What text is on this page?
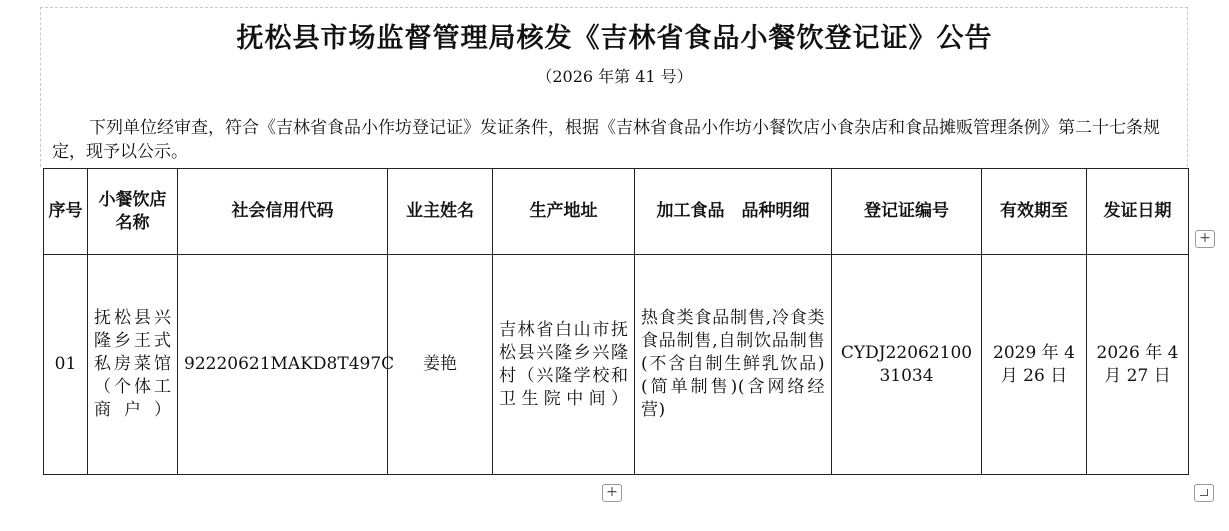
抚松县市场监督管理局核发《吉林省食品小餐饮登记证》公告
（2026 年第 41 号）
下列单位经审查，符合《吉林省食品小作坊登记证》发证条件，根据《吉林省食品小作坊小餐饮店小食杂店和食品摊贩管理条例》第二十七条规定，现予以公示。
序号	小餐饮店名称	社会信用代码	业主姓名	生产地址	加工食品　品种明细	登记证编号	有效期至	发证日期
01	抚松县兴隆乡王式私房菜馆（个体工商户）	92220621MAKD8T497C	姜艳	吉林省白山市抚松县兴隆乡兴隆村（兴隆学校和卫生院中间）	热食类食品制售,冷食类食品制售,自制饮品制售(不含自制生鲜乳饮品)(简单制售)(含网络经营)	CYDJ2206210031034	2029 年 4 月 26 日	2026 年 4 月 27 日
+
+
